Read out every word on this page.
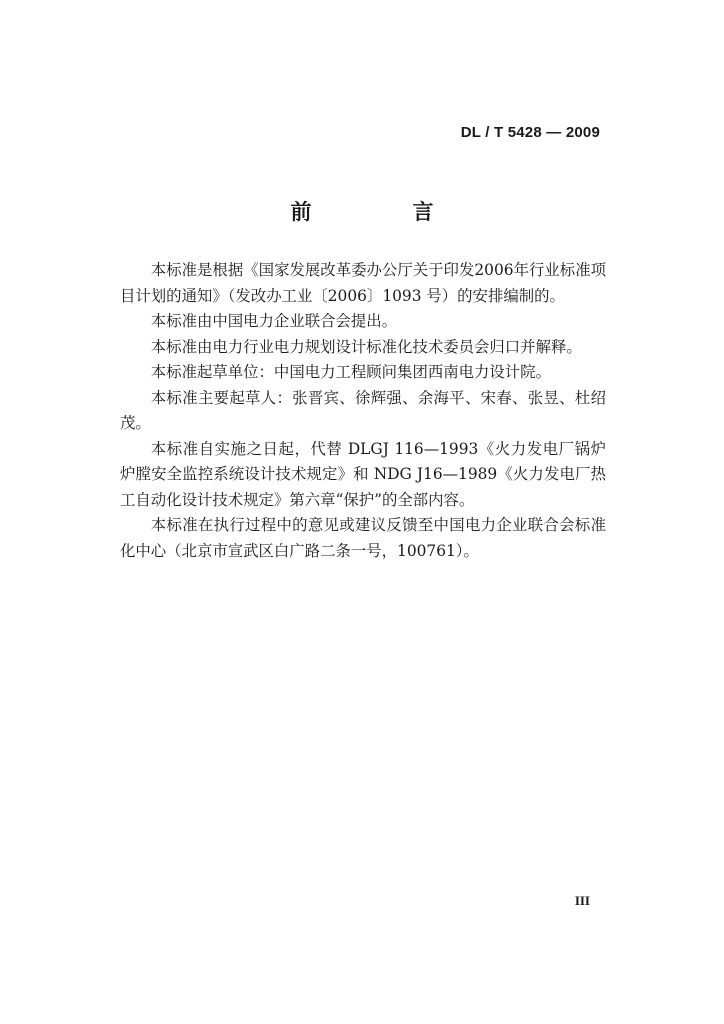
DL / T 5428 — 2009
前　言

本标准是根据《国家发展改革委办公厅关于印发2006年行业标准项目计划的通知》（发改办工业〔2006〕1093 号）的安排编制的。

本标准由中国电力企业联合会提出。

本标准由电力行业电力规划设计标准化技术委员会归口并解释。

本标准起草单位：中国电力工程顾问集团西南电力设计院。

本标准主要起草人：张晋宾、徐辉强、余海平、宋春、张昱、杜绍茂。

本标准自实施之日起，代替 DLGJ 116—1993《火力发电厂锅炉炉膛安全监控系统设计技术规定》和 NDG J16—1989《火力发电厂热工自动化设计技术规定》第六章“保护”的全部内容。

本标准在执行过程中的意见或建议反馈至中国电力企业联合会标准化中心（北京市宣武区白广路二条一号，100761）。

III
